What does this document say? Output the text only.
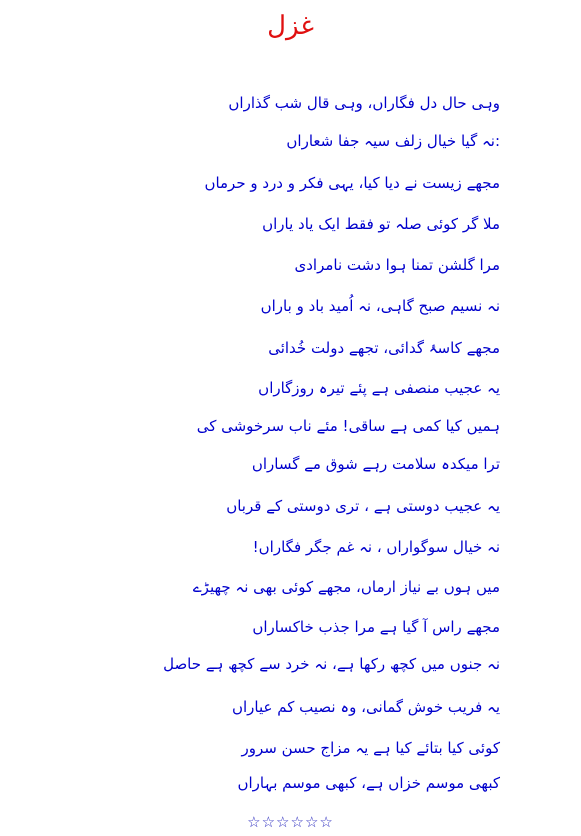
غزل
وہی حال دل فگاراں، وہی قال شب گذاراں
:نہ گیا خیال زلف سیہ جفا شعاراں
مجھے زیست نے دیا کیا، یہی فکر و درد و حرماں
ملا گر کوئی صلہ تو فقط ایک یاد یاراں
مرا گلشن تمنا ہوا دشت نامرادی
نہ نسیم صبح گاہی، نہ اُمید باد و باراں
مجھے کاسۂ گدائی، تجھے دولت خُدائی
یہ عجیب منصفی ہے پئے تیرہ روزگاراں
ہمیں کیا کمی ہے ساقی! مئے ناب سرخوشی کی
ترا میکدہ سلامت رہے شوق مے گساراں
یہ عجیب دوستی ہے ، تری دوستی کے قرباں
نہ خیال سوگواراں ، نہ غم جگر فگاراں!
میں ہوں بے نیاز ارماں، مجھے کوئی بھی نہ چھیڑے
مجھے راس آ گیا ہے مرا جذب خاکساراں
نہ جنوں میں کچھ رکھا ہے، نہ خرد سے کچھ ہے حاصل
یہ فریب خوش گمانی، وہ نصیب کم عیاراں
کوئی کیا بتائے کیا ہے یہ مزاج حسن سرور
کبھی موسم خزاں ہے، کبھی موسم بہاراں
☆☆☆☆☆☆
